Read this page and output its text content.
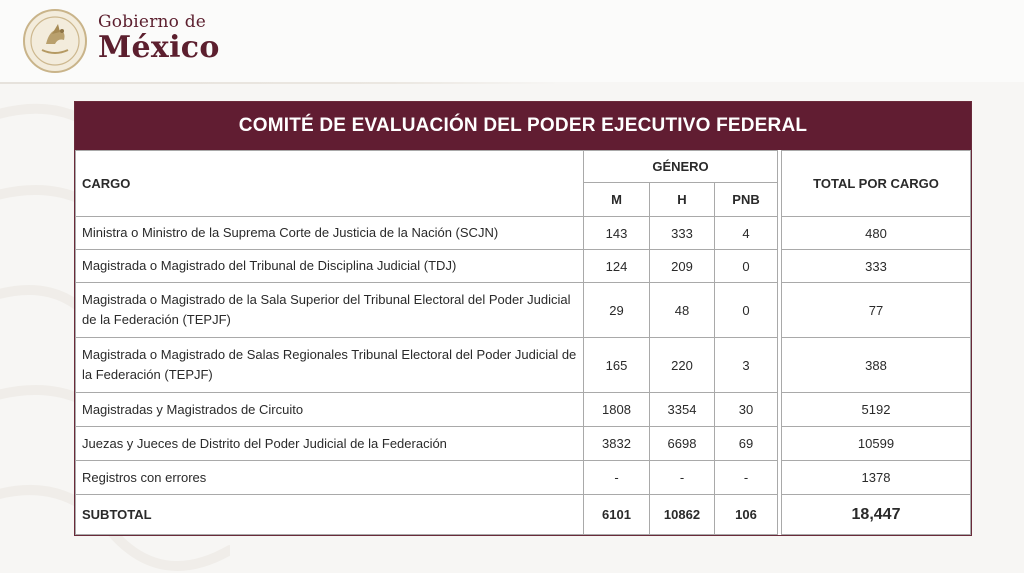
Gobierno de
México
COMITÉ DE EVALUACIÓN DEL PODER EJECUTIVO FEDERAL
CARGO	GÉNERO				TOTAL POR CARGO
	M	H	PNB		
Ministra o Ministro de la Suprema Corte de Justicia de la Nación (SCJN)	143	333	4		480
Magistrada o Magistrado del Tribunal de Disciplina Judicial (TDJ)	124	209	0		333
Magistrada o Magistrado de la Sala Superior del Tribunal Electoral del Poder Judicial de la Federación (TEPJF)	29	48	0		77
Magistrada o Magistrado de Salas Regionales Tribunal Electoral del Poder Judicial de la Federación (TEPJF)	165	220	3		388
Magistradas y Magistrados de Circuito	1808	3354	30		5192
Juezas y Jueces de Distrito del Poder Judicial de la Federación	3832	6698	69		10599
Registros con errores	-	-	-		1378
SUBTOTAL	6101	10862	106		18,447
